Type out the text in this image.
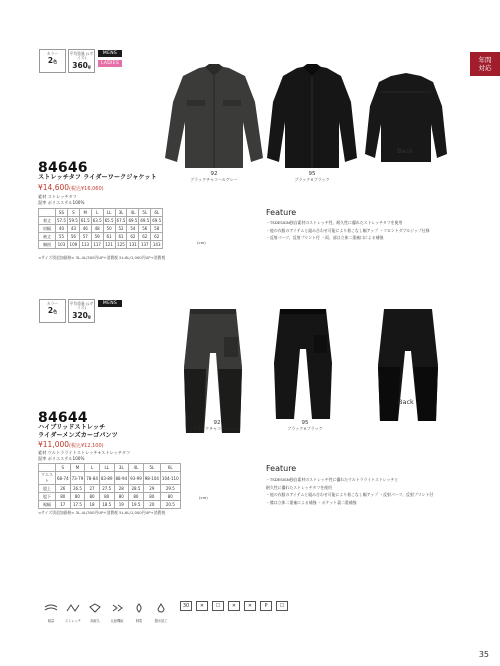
年間
対応
カラー
2色
平均重量 (Lサイズ)
360g
MENS
LADIES
92
ブラックチャコールグレー
95
ブラック×ブラック
Back
84646
ストレッチタフ ライダーワークジャケット
¥14,600(税込¥16,060)
素材 ストレッチタフ
混率 ポリエステル100%
	SS	S	M	L	LL	3L	4L	5L	6L
着丈	57.5	59.5	61.5	63.5	65.5	67.5	69.5	69.5	69.5
肩幅	40	43	46	48	50	52	54	56	58
袖丈	55	56	57	59	61	61	62	62	62
胸囲	103	109	113	117	121	125	131	137	143	(cm)
<サイズ別追加価格> 3L-4L/300円UP+消費税 5L-6L/1,000円UP+消費税
Feature
・TSDESIGN独自素材のストレッチ性、耐久性に優れたストレッチタフを使用
・他の衣服のアイテムと組み合わせ可能により着こなし幅アップ ・フロントダブルジップ仕様
・反射パーツ、反射プリント付 ・両、部は立体二重袖口による補強
カラー
2色
平均重量 (Lサイズ)
320g
MENS
92
ブラックチャコールグレー
95
ブラック×ブラック
Back
84644
ハイブリッドストレッチ
ライダーメンズカーゴパンツ
¥11,000(税込¥12,100)
素材 ウルトラライトストレッチ+ストレッチタフ
混率 ポリエステル100%
	S	M	L	LL	3L	4L	5L	6L
ウエスト	68-74	73-79	78-84	83-89	88-94	93-99	98-104	104-110
股上	26	26.5	27	27.5	28	28.5	29	29.5
股下	80	80	80	80	80	80	80	80
裾幅	17	17.5	18	18.5	19	19.5	20	20.5
(cm)
<サイズ別追加価格> 3L-4L/300円UP+消費税 5L-6L/1,000円UP+消費税
Feature
・TSDESIGN独自素材のストレッチ性に優れたウルトラライトストレッチと
耐久性に優れたストレッチタフを使用
・他の衣服のアイテムと組み合わせ可能により着こなし幅アップ ・反射パーツ、反射プリント付
・膝は立体二重袖による補強 ・ポケット裏二重補強
軽量	ストレッチ	高耐久	反射機能	制電	撥水加工
30	✕	☐	✕	✕	P	☐
35
